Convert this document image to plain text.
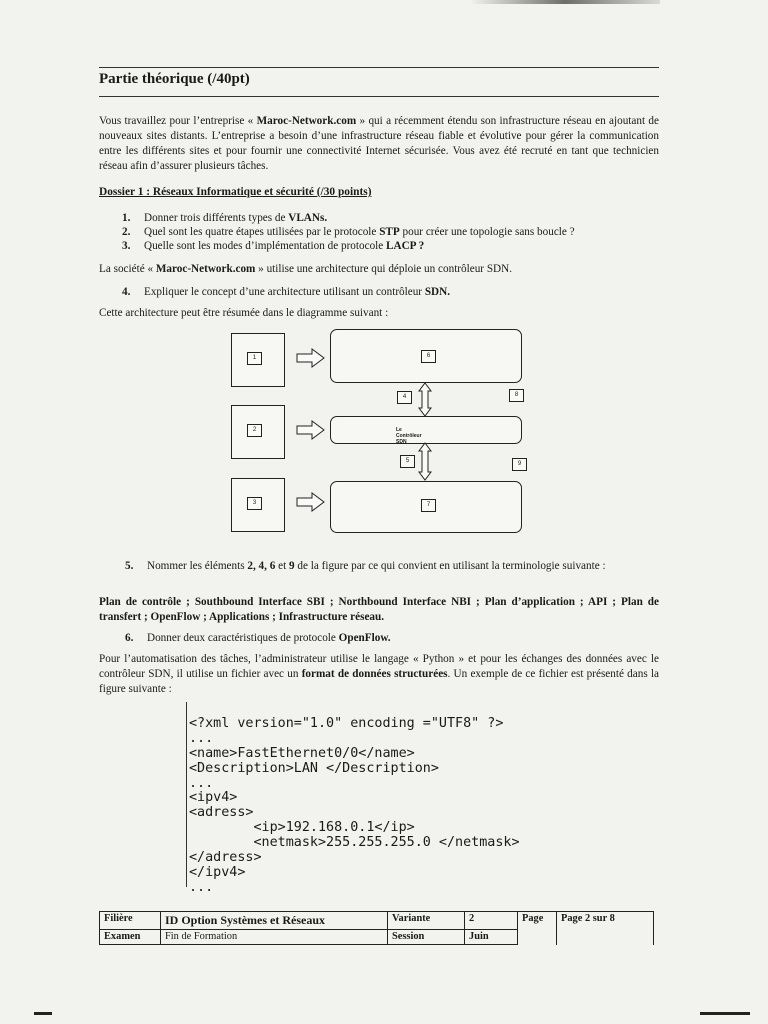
Partie théorique (/40pt)
Vous travaillez pour l’entreprise « Maroc-Network.com » qui a récemment étendu son infrastructure réseau en ajoutant de nouveaux sites distants. L’entreprise a besoin d’une infrastructure réseau fiable et évolutive pour gérer la communication entre les différents sites et pour fournir une connectivité Internet sécurisée. Vous avez été recruté en tant que technicien réseau afin d’assurer plusieurs tâches.
Dossier 1 : Réseaux Informatique et sécurité (/30 points)
1. Donner trois différents types de VLANs.
2. Quel sont les quatre étapes utilisées par le protocole STP pour créer une topologie sans boucle ?
3. Quelle sont les modes d’implémentation de protocole LACP ?
La société « Maroc-Network.com » utilise une architecture qui déploie un contrôleur SDN.
4. Expliquer le concept d’une architecture utilisant un contrôleur SDN.
Cette architecture peut être résumée dans le diagramme suivant :
1
2
3
6
Le Contrôleur SDN
7
4
5
8
9
5. Nommer les éléments 2, 4, 6 et 9 de la figure par ce qui convient en utilisant la terminologie suivante :
Plan de contrôle ; Southbound Interface SBI ; Northbound Interface NBI ; Plan d’application ; API ; Plan de transfert ; OpenFlow ; Applications ; Infrastructure réseau.
6. Donner deux caractéristiques de protocole OpenFlow.
Pour l’automatisation des tâches, l’administrateur utilise le langage « Python » et pour les échanges des données avec le contrôleur SDN, il utilise un fichier avec un format de données structurées. Un exemple de ce fichier est présenté dans la figure suivante :

<?xml version="1.0" encoding ="UTF8" ?>
...
<name>FastEthernet0/0</name>
<Description>LAN </Description>
...
<ipv4>
<adress>
<ip>192.168.0.1</ip>
<netmask>255.255.255.0 </netmask>
</adress>
</ipv4>
...

Filière	ID Option Systèmes et Réseaux	Variante	2	Page	Page 2 sur 8
Examen	Fin de Formation	Session	Juin		
